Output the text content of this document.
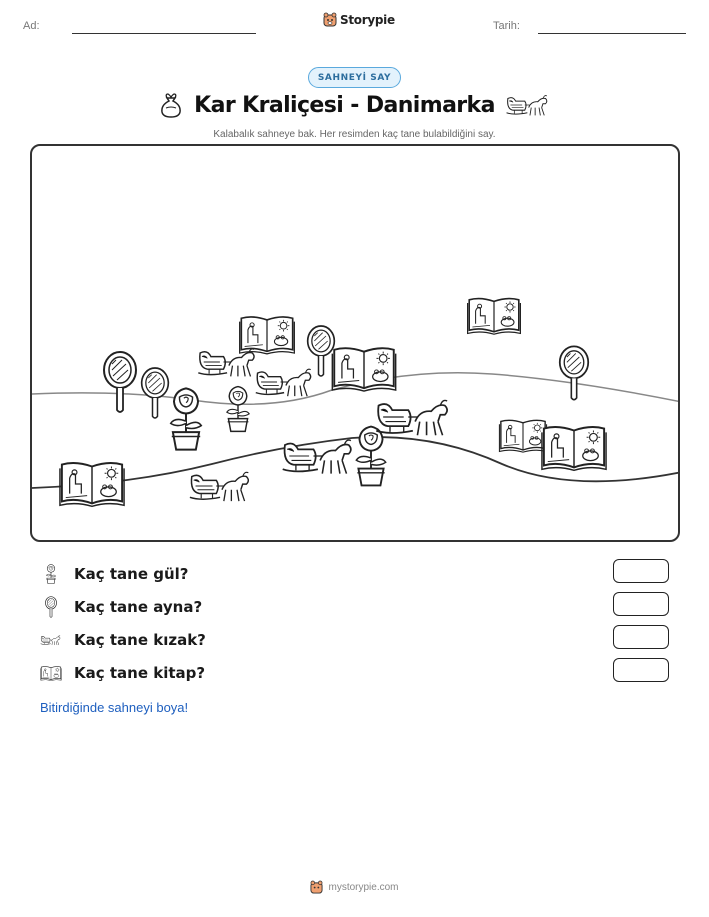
Ad:	Storypie	Tarih:
SAHNEYİ SAY
Kar Kraliçesi - Danimarka
Kalabalık sahneye bak. Her resimden kaç tane bulabildiğini say.
Kaç tane gül?
Kaç tane ayna?
Kaç tane kızak?
Kaç tane kitap?
Bitirdiğinde sahneyi boya!
mystorypie.com
